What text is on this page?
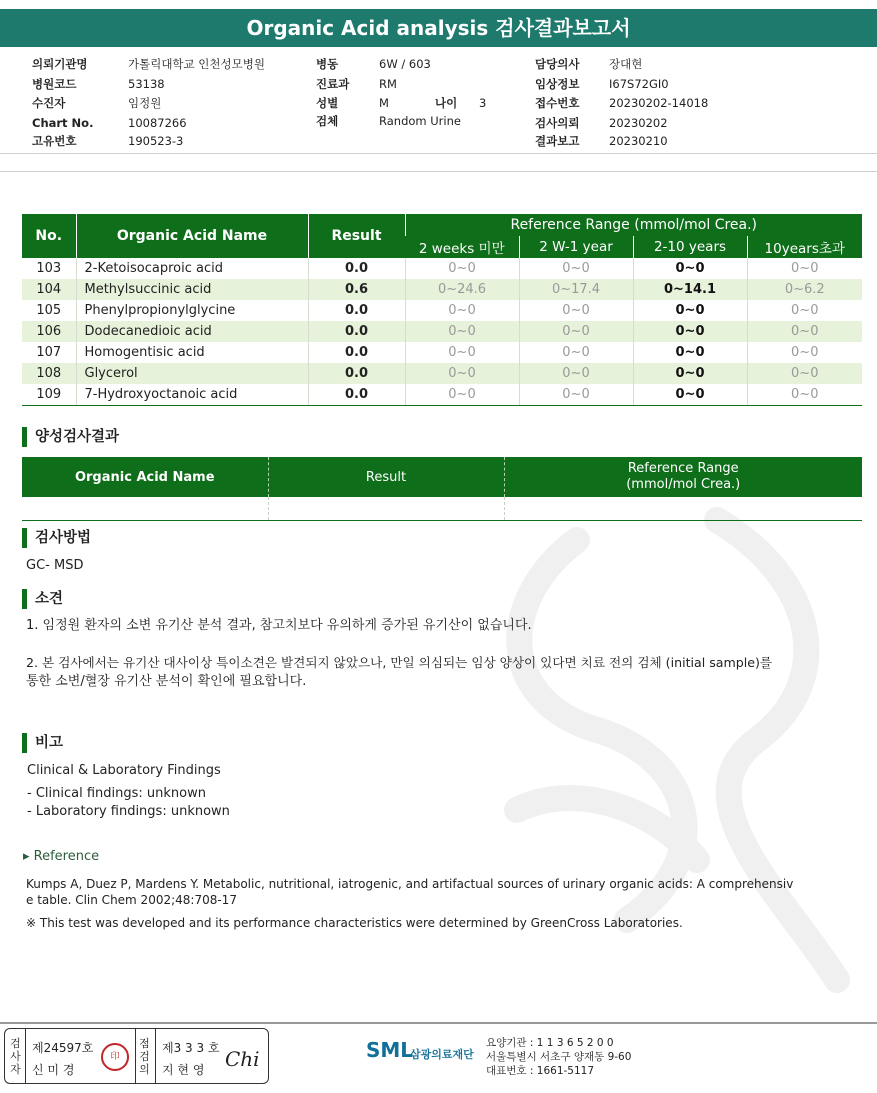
Organic Acid analysis 검사결과보고서
의뢰기관명	가톨릭대학교 인천성모병원
병원코드	53138
수진자	임정원
Chart No.	10087266
고유번호	190523-3
병동	6W / 603
진료과	RM
성별	M	나이 3
검체	Random Urine
담당의사	장대현
임상정보	I67S72GI0
접수번호	20230202-14018
검사의뢰	20230202
결과보고	20230210
No.	Organic Acid Name	Result	Reference Range (mmol/mol Crea.)			
			2 weeks 미만	2 W-1 year	2-10 years	10years초과
103	2-Ketoisocaproic acid	0.0	0~0	0~0	0~0	0~0
104	Methylsuccinic acid	0.6	0~24.6	0~17.4	0~14.1	0~6.2
105	Phenylpropionylglycine	0.0	0~0	0~0	0~0	0~0
106	Dodecanedioic acid	0.0	0~0	0~0	0~0	0~0
107	Homogentisic acid	0.0	0~0	0~0	0~0	0~0
108	Glycerol	0.0	0~0	0~0	0~0	0~0
109	7-Hydroxyoctanoic acid	0.0	0~0	0~0	0~0	0~0
양성검사결과
Organic Acid Name	Result	Reference Range
(mmol/mol Crea.)

검사방법
GC- MSD
소견
1. 임정원 환자의 소변 유기산 분석 결과, 참고치보다 유의하게 증가된 유기산이 없습니다.
2. 본 검사에서는 유기산 대사이상 특이소견은 발견되지 않았으나, 만일 의심되는 임상 양상이 있다면 치료 전의 검체 (initial sample)를
통한 소변/혈장 유기산 분석이 확인에 필요합니다.
비고
Clinical & Laboratory Findings
- Clinical findings: unknown
- Laboratory findings: unknown
▸ Reference
Kumps A, Duez P, Mardens Y. Metabolic, nutritional, iatrogenic, and artifactual sources of urinary organic acids: A comprehensiv
e table. Clin Chem 2002;48:708-17
※ This test was developed and its performance characteristics were determined by GreenCross Laboratories.
검사자
제24597호
신 미 경
印
점검의
제3 3 3 호
지 현 영 Chi	SML
삼광의료재단
요양기관 : 1 1 3 6 5 2 0 0
서울특별시 서초구 양재동 9-60
대표번호 : 1661-5117
